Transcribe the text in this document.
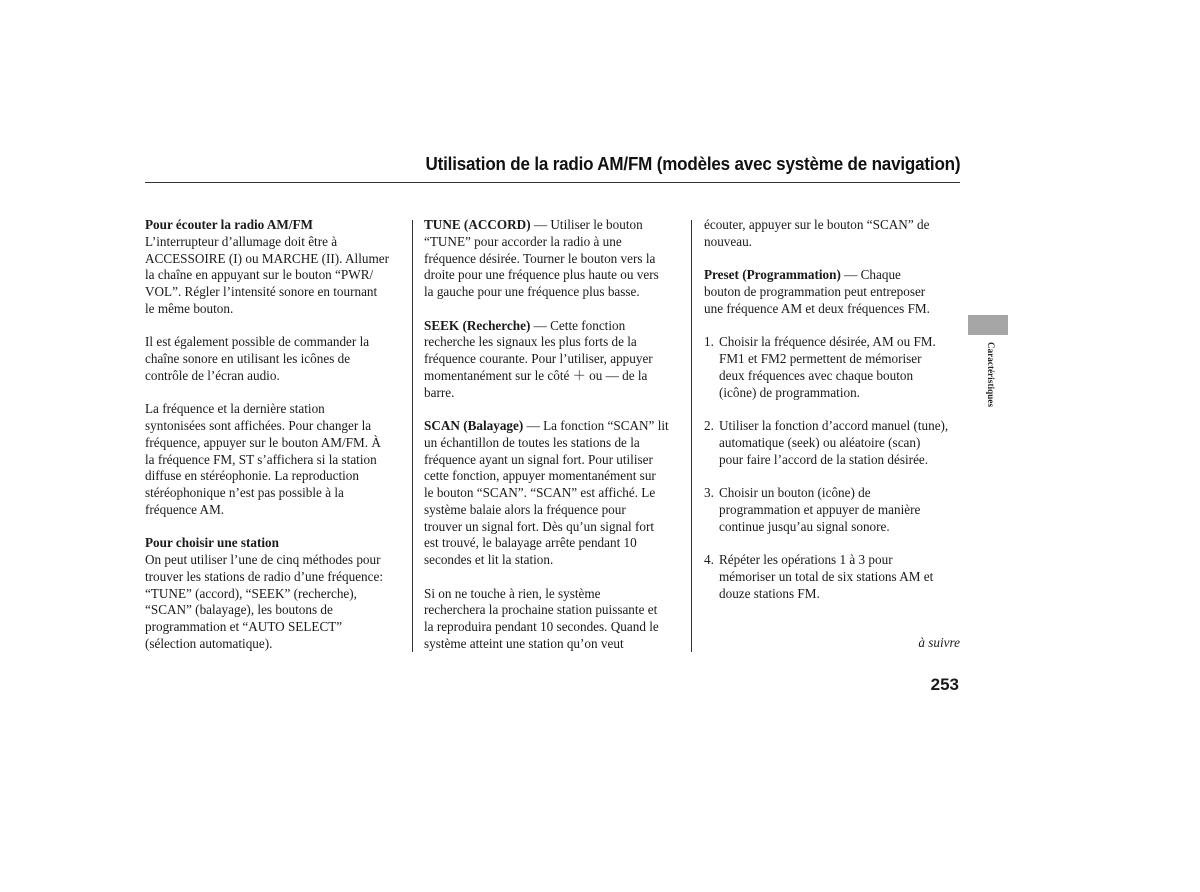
Utilisation de la radio AM/FM (modèles avec système de navigation)

Pour écouter la radio AM/FM
L’interrupteur d’allumage doit être à
ACCESSOIRE (I) ou MARCHE (II). Allumer
la chaîne en appuyant sur le bouton “PWR/
VOL”. Régler l’intensité sonore en tournant
le même bouton.

Il est également possible de commander la
chaîne sonore en utilisant les icônes de
contrôle de l’écran audio.

La fréquence et la dernière station
syntonisées sont affichées. Pour changer la
fréquence, appuyer sur le bouton AM/FM. À
la fréquence FM, ST s’affichera si la station
diffuse en stéréophonie. La reproduction
stéréophonique n’est pas possible à la
fréquence AM.

Pour choisir une station
On peut utiliser l’une de cinq méthodes pour
trouver les stations de radio d’une fréquence:
“TUNE” (accord), “SEEK” (recherche),
“SCAN” (balayage), les boutons de
programmation et “AUTO SELECT”
(sélection automatique).

TUNE (ACCORD) — Utiliser le bouton
“TUNE” pour accorder la radio à une
fréquence désirée. Tourner le bouton vers la
droite pour une fréquence plus haute ou vers
la gauche pour une fréquence plus basse.

SEEK (Recherche) — Cette fonction
recherche les signaux les plus forts de la
fréquence courante. Pour l’utiliser, appuyer
momentanément sur le côté ＋ ou — de la
barre.

SCAN (Balayage) — La fonction “SCAN” lit
un échantillon de toutes les stations de la
fréquence ayant un signal fort. Pour utiliser
cette fonction, appuyer momentanément sur
le bouton “SCAN”. “SCAN” est affiché. Le
système balaie alors la fréquence pour
trouver un signal fort. Dès qu’un signal fort
est trouvé, le balayage arrête pendant 10
secondes et lit la station.

Si on ne touche à rien, le système
recherchera la prochaine station puissante et
la reproduira pendant 10 secondes. Quand le
système atteint une station qu’on veut

écouter, appuyer sur le bouton “SCAN” de
nouveau.

Preset (Programmation) — Chaque
bouton de programmation peut entreposer
une fréquence AM et deux fréquences FM.

1. Choisir la fréquence désirée, AM ou FM.
FM1 et FM2 permettent de mémoriser
deux fréquences avec chaque bouton
(icône) de programmation.

2. Utiliser la fonction d’accord manuel (tune),
automatique (seek) ou aléatoire (scan)
pour faire l’accord de la station désirée.

3. Choisir un bouton (icône) de
programmation et appuyer de manière
continue jusqu’au signal sonore.

4. Répéter les opérations 1 à 3 pour
mémoriser un total de six stations AM et
douze stations FM.

à suivre
253
Caractéristiques
